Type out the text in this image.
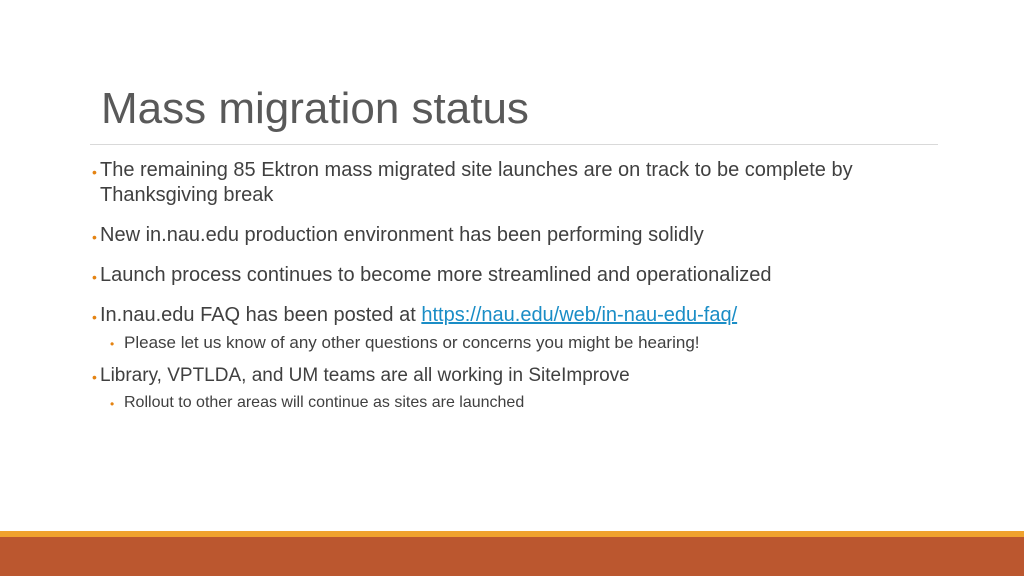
Mass migration status

• The remaining 85 Ektron mass migrated site launches are on track to be complete by Thanksgiving break

• New in.nau.edu production environment has been performing solidly

• Launch process continues to become more streamlined and operationalized

• In.nau.edu FAQ has been posted at https://nau.edu/web/in-nau-edu-faq/

• Please let us know of any other questions or concerns you might be hearing!

• Library, VPTLDA, and UM teams are all working in SiteImprove

• Rollout to other areas will continue as sites are launched
